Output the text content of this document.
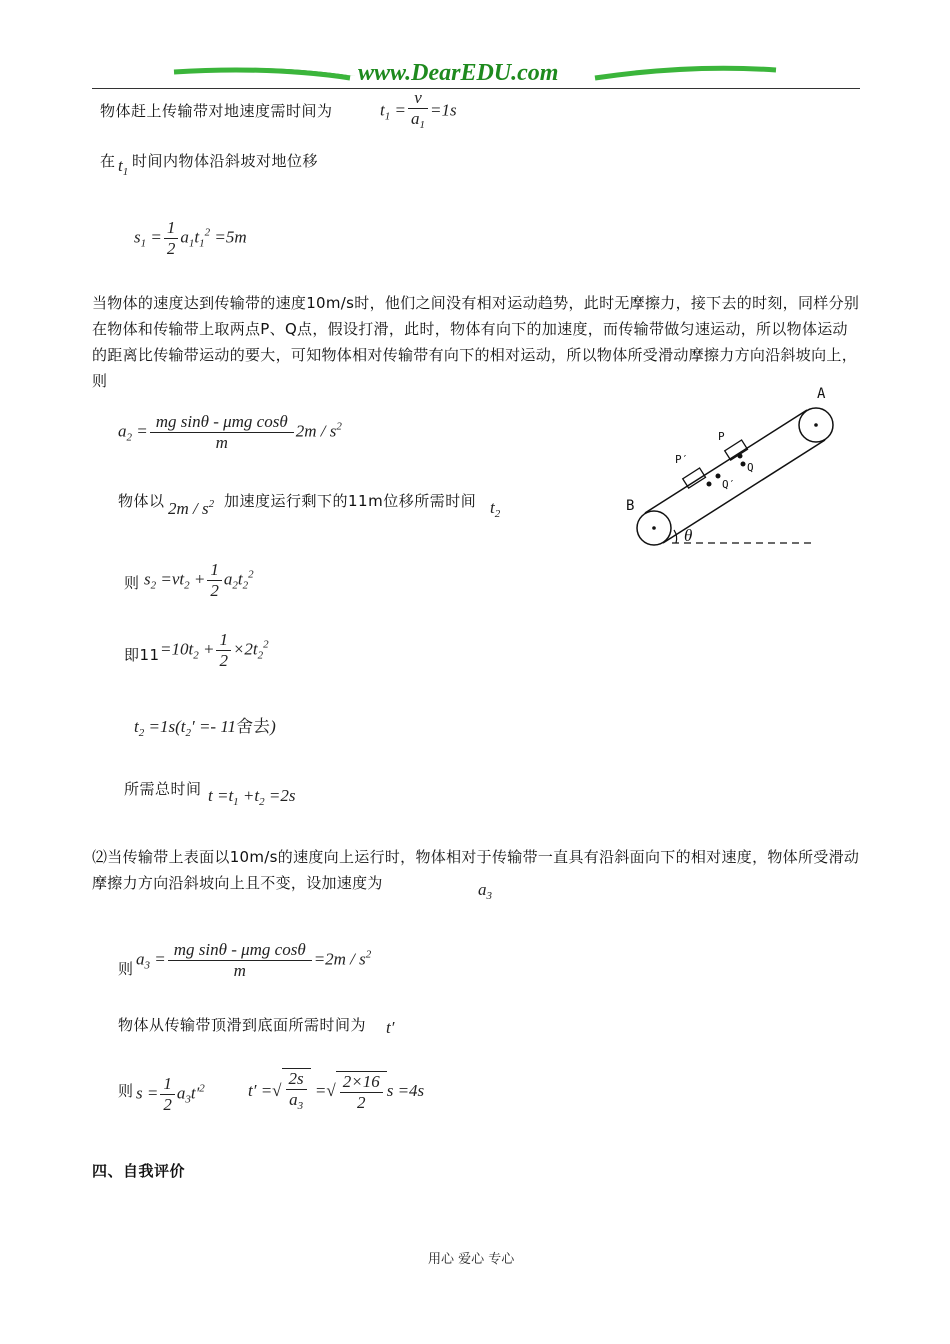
www.DearEDU.com
物体赶上传输带对地速度需时间为	$t_1 = \frac{v}{a_1} =1s$
在 $t_1$
时间内物体沿斜坡对地位移
$s_1 = \frac{1}{2} a_1t_1^2 =5m$
当物体的速度达到传输带的速度10m/s时，他们之间没有相对运动趋势，此时无摩擦力，接下去的时刻，同样分别在物体和传输带上取两点P、Q点，假设打滑，此时，物体有向下的加速度，而传输带做匀速运动，所以物体运动的距离比传输带运动的要大，可知物体相对传输带有向下的相对运动，所以物体所受滑动摩擦力方向沿斜坡向上，则
$a_2 = \frac{\text{mg sinθ - μmg cosθ}}{m} 2m / s^2$
物体以 $2m / s^2$ 加速度运行剩下的11m位移所需时间 $t_2$
A
B
P
P′
Q
Q′
θ
则 $s_2 =vt_2 + \frac{1}{2} a_2t_2^2$
即$11 =10t_2 + \frac{1}{2} \times 2t_2^2$
$t_2 =1s(t_2' =- 11$舍去)
所需总时间 $t =t_1 +t_2 =2s$
⑵当传输带上表面以10m/s的速度向上运行时，物体相对于传输带一直具有沿斜面向下的相对速度，物体所受滑动摩擦力方向沿斜坡向上且不变，设加速度为	$a_3$
则
$a_3 = \frac{\text{mg sinθ - μmg cosθ}}{m} =2m / s^2$
物体从传输带顶滑到底面所需时间为 t′
则 $s = \frac{1}{2} a_3t'^2$	t′ =√ $\frac{2s}{a_3}$ =√ $\frac{2\times 16}{2}$ s =4s
四、自我评价
用心 爱心 专心
